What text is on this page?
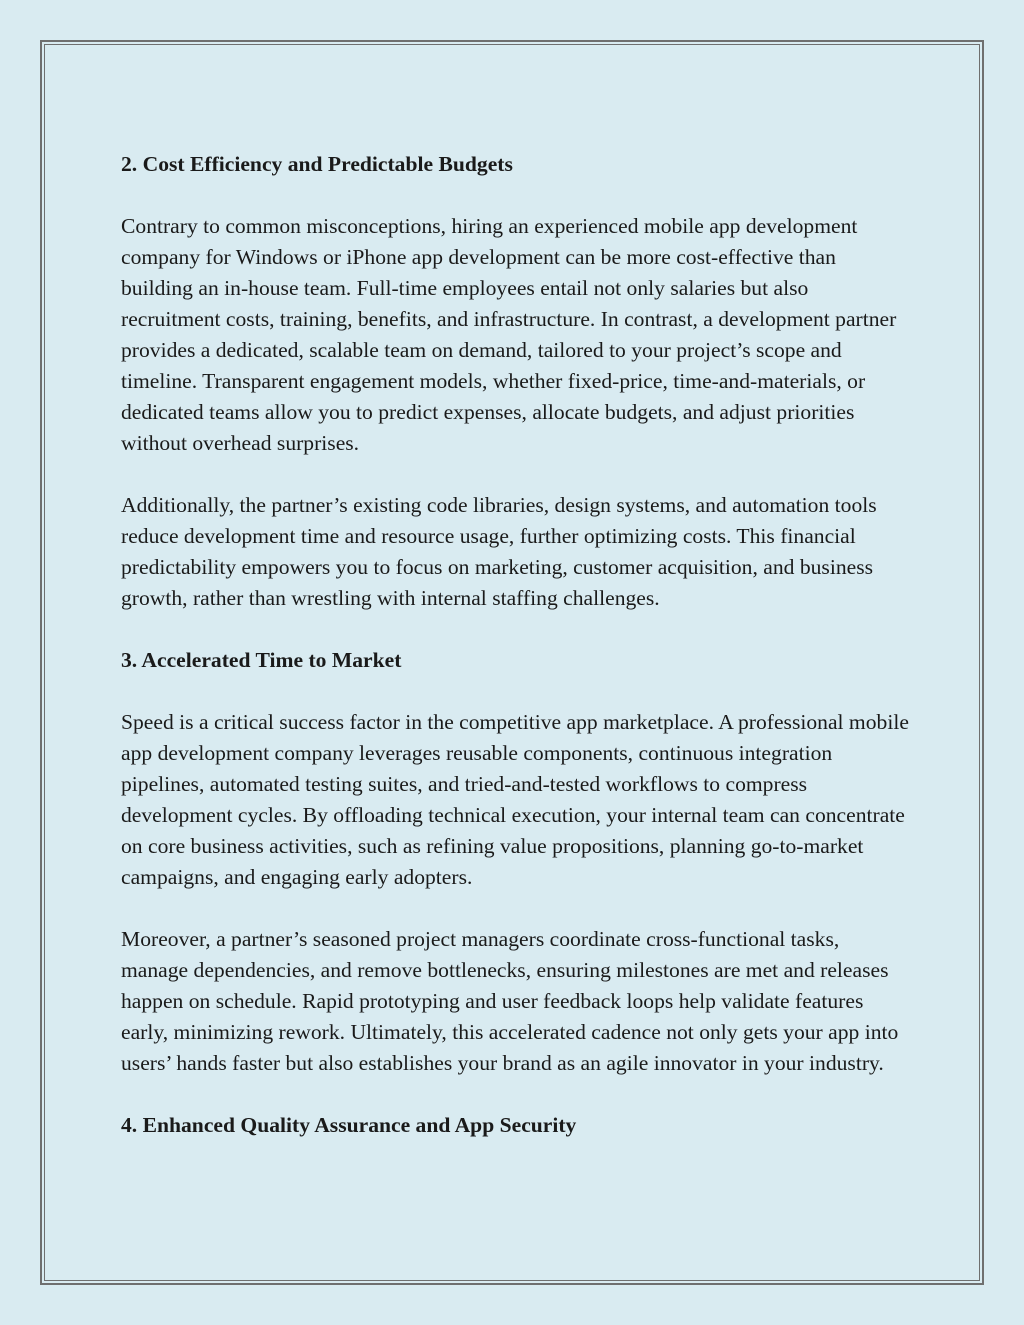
2. Cost Efficiency and Predictable Budgets

Contrary to common misconceptions, hiring an experienced mobile app development company for Windows or iPhone app development can be more cost-effective than building an in-house team. Full-time employees entail not only salaries but also recruitment costs, training, benefits, and infrastructure. In contrast, a development partner provides a dedicated, scalable team on demand, tailored to your project’s scope and timeline. Transparent engagement models, whether fixed-price, time-and-materials, or dedicated teams allow you to predict expenses, allocate budgets, and adjust priorities without overhead surprises.

Additionally, the partner’s existing code libraries, design systems, and automation tools reduce development time and resource usage, further optimizing costs. This financial predictability empowers you to focus on marketing, customer acquisition, and business growth, rather than wrestling with internal staffing challenges.

3. Accelerated Time to Market

Speed is a critical success factor in the competitive app marketplace. A professional mobile app development company leverages reusable components, continuous integration pipelines, automated testing suites, and tried-and-tested workflows to compress development cycles. By offloading technical execution, your internal team can concentrate on core business activities, such as refining value propositions, planning go-to-market campaigns, and engaging early adopters.

Moreover, a partner’s seasoned project managers coordinate cross-functional tasks, manage dependencies, and remove bottlenecks, ensuring milestones are met and releases happen on schedule. Rapid prototyping and user feedback loops help validate features early, minimizing rework. Ultimately, this accelerated cadence not only gets your app into users’ hands faster but also establishes your brand as an agile innovator in your industry.

4. Enhanced Quality Assurance and App Security
